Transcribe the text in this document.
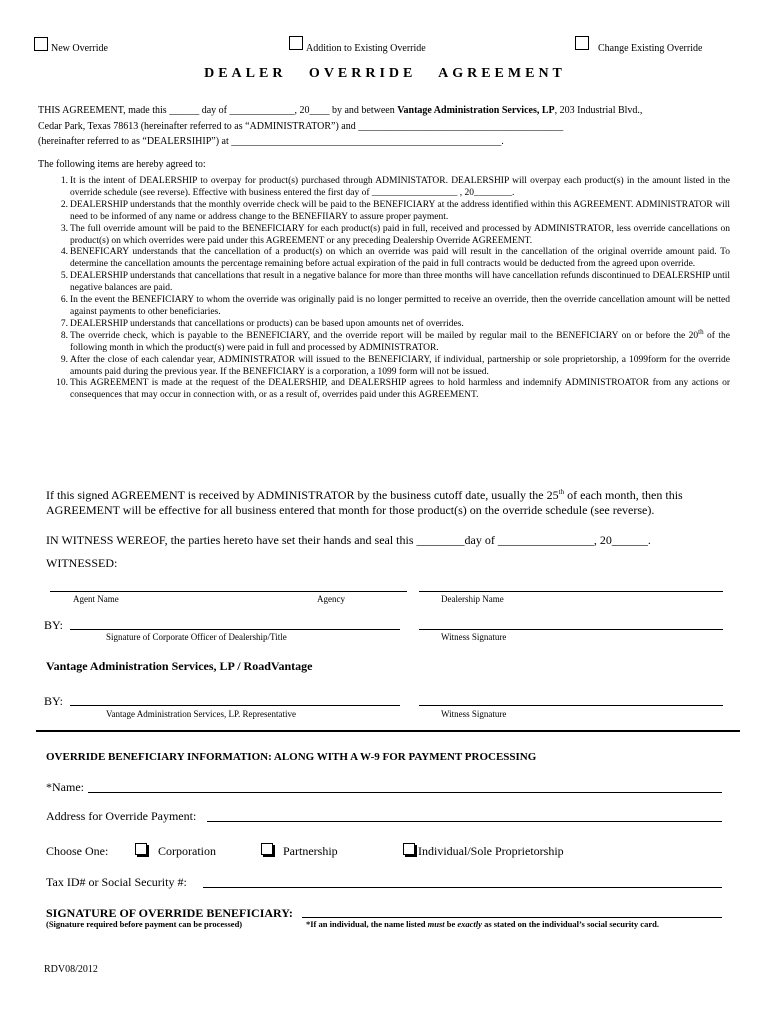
New Override	Addition to Existing Override	Change Existing Override
DEALER   OVERRIDE   AGREEMENT
THIS AGREEMENT, made this ______ day of _____________, 20____ by and between Vantage Administration Services, LP, 203 Industrial Blvd.,
Cedar Park, Texas 78613 (hereinafter referred to as “ADMINISTRATOR”) and _________________________________________
(hereinafter referred to as “DEALERSIHIP”) at ______________________________________________________.
The following items are hereby agreed to:
1. It is the intent of DEALERSHIP to overpay for product(s) purchased through ADMINISTATOR. DEALERSHIP will overpay each product(s) in the amount listed in the override schedule (see reverse). Effective with business entered the first day of __________________ , 20________.
2. DEALERSHIP understands that the monthly override check will be paid to the BENEFICIARY at the address identified within this AGREEMENT. ADMINISTRATOR will need to be informed of any name or address change to the BENEFIIARY to assure proper payment.
3. The full override amount will be paid to the BENEFICIARY for each product(s) paid in full, received and processed by ADMINISTRATOR, less override cancellations on product(s) on which overrides were paid under this AGREEMENT or any preceding Dealership Override AGREEMENT.
4. BENEFICARY understands that the cancellation of a product(s) on which an override was paid will result in the cancellation of the original override amount paid. To determine the cancellation amounts the percentage remaining before actual expiration of the paid in full contracts would be deducted from the agreed upon override.
5. DEALERSHIP understands that cancellations that result in a negative balance for more than three months will have cancellation refunds discontinued to DEALERSHIP until negative balances are paid.
6. In the event the BENEFICIARY to whom the override was originally paid is no longer permitted to receive an override, then the override cancellation amount will be netted against payments to other beneficiaries.
7. DEALERSHIP understands that cancellations or products) can be based upon amounts net of overrides.
8. The override check, which is payable to the BENEFICIARY, and the override report will be mailed by regular mail to the BENEFICIARY on or before the 20th of the following month in which the product(s) were paid in full and processed by ADMINISTRATOR.
9. After the close of each calendar year, ADMINISTRATOR will issued to the BENEFICIARY, if individual, partnership or sole proprietorship, a 1099form for the override amounts paid during the previous year. If the BENEFICIARY is a corporation, a 1099 form will not be issued.
10. This AGREEMENT is made at the request of the DEALERSHIP, and DEALERSHIP agrees to hold harmless and indemnify ADMINISTROATOR from any actions or consequences that may occur in connection with, or as a result of, overrides paid under this AGREEMENT.
If this signed AGREEMENT is received by ADMINISTRATOR by the business cutoff date, usually the 25th of each month, then this
AGREEMENT will be effective for all business entered that month for those product(s) on the override schedule (see reverse).
IN WITNESS WEREOF, the parties hereto have set their hands and seal this ________day of ________________, 20______.
WITNESSED:
Agent Name	Agency	Dealership Name
BY:
Signature of Corporate Officer of Dealership/Title	Witness Signature
Vantage Administration Services, LP / RoadVantage
BY:
Vantage Administration Services, LP. Representative	Witness Signature
OVERRIDE BENEFICIARY INFORMATION: ALONG WITH A W-9 FOR PAYMENT PROCESSING
*Name:
Address for Override Payment:
Choose One:	Corporation	Partnership	Individual/Sole Proprietorship
Tax ID# or Social Security #:
SIGNATURE OF OVERRIDE BENEFICIARY:
(Signature required before payment can be processed)	*If an individual, the name listed must be exactly as stated on the individual’s social security card.
RDV08/2012
